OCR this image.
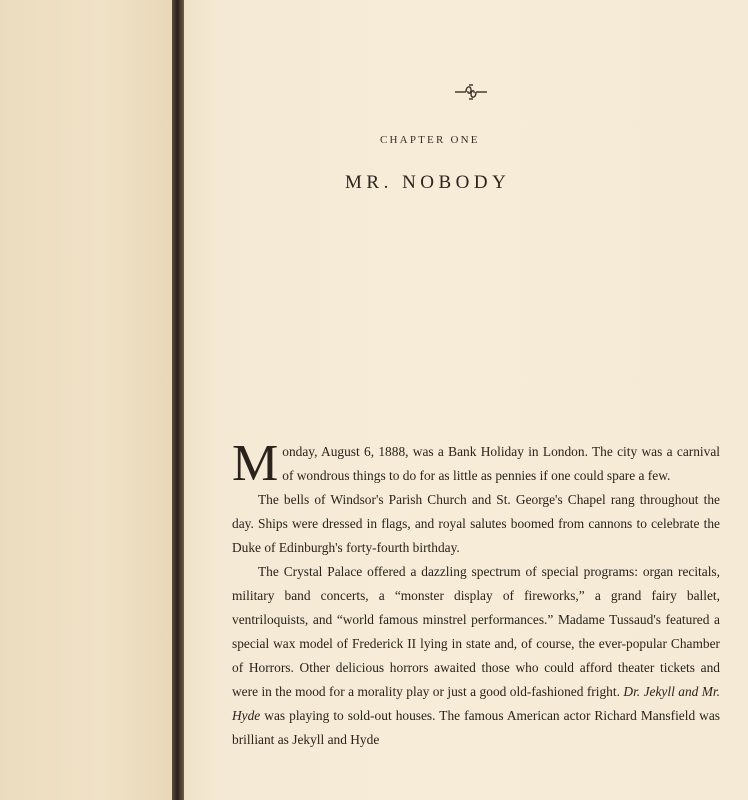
CHAPTER ONE
MR. NOBODY

Monday, August 6, 1888, was a Bank Holiday in London. The city was a carnival of wondrous things to do for as little as pennies if one could spare a few.

The bells of Windsor's Parish Church and St. George's Chapel rang throughout the day. Ships were dressed in flags, and royal salutes boomed from cannons to celebrate the Duke of Edinburgh's forty-fourth birthday.

The Crystal Palace offered a dazzling spectrum of special programs: organ recitals, military band concerts, a “monster display of fireworks,” a grand fairy ballet, ventriloquists, and “world famous minstrel performances.” Madame Tussaud's featured a special wax model of Frederick II lying in state and, of course, the ever-popular Chamber of Horrors. Other delicious horrors awaited those who could afford theater tickets and were in the mood for a morality play or just a good old-fashioned fright. Dr. Jekyll and Mr. Hyde was playing to sold-out houses. The famous American actor Richard Mansfield was brilliant as Jekyll and Hyde
